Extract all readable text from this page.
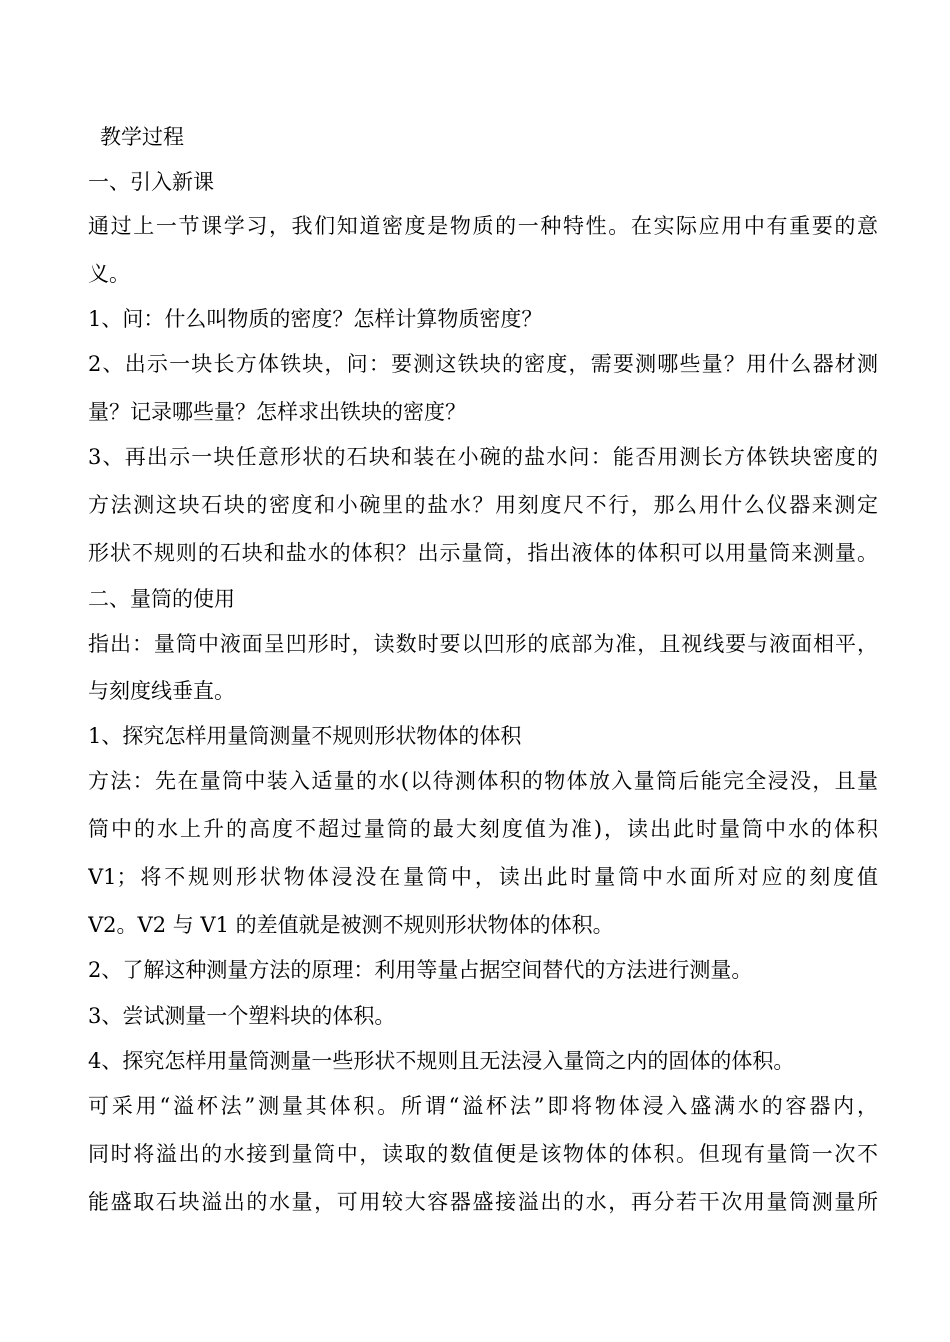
教学过程
一、引入新课
通过上一节课学习，我们知道密度是物质的一种特性。在实际应用中有重要的意
义。
1、问：什么叫物质的密度？怎样计算物质密度？
2、出示一块长方体铁块，问：要测这铁块的密度，需要测哪些量？用什么器材测
量？记录哪些量？怎样求出铁块的密度？
3、再出示一块任意形状的石块和装在小碗的盐水问：能否用测长方体铁块密度的
方法测这块石块的密度和小碗里的盐水？用刻度尺不行，那么用什么仪器来测定
形状不规则的石块和盐水的体积？出示量筒，指出液体的体积可以用量筒来测量。
二、量筒的使用
指出：量筒中液面呈凹形时，读数时要以凹形的底部为准，且视线要与液面相平，
与刻度线垂直。
1、探究怎样用量筒测量不规则形状物体的体积
方法：先在量筒中装入适量的水(以待测体积的物体放入量筒后能完全浸没，且量
筒中的水上升的高度不超过量筒的最大刻度值为准)，读出此时量筒中水的体积
V1；将不规则形状物体浸没在量筒中，读出此时量筒中水面所对应的刻度值
V2。V2 与 V1 的差值就是被测不规则形状物体的体积。
2、了解这种测量方法的原理：利用等量占据空间替代的方法进行测量。
3、尝试测量一个塑料块的体积。
4、探究怎样用量筒测量一些形状不规则且无法浸入量筒之内的固体的体积。
可采用“溢杯法”测量其体积。所谓“溢杯法”即将物体浸入盛满水的容器内，
同时将溢出的水接到量筒中，读取的数值便是该物体的体积。但现有量筒一次不
能盛取石块溢出的水量，可用较大容器盛接溢出的水，再分若干次用量筒测量所
